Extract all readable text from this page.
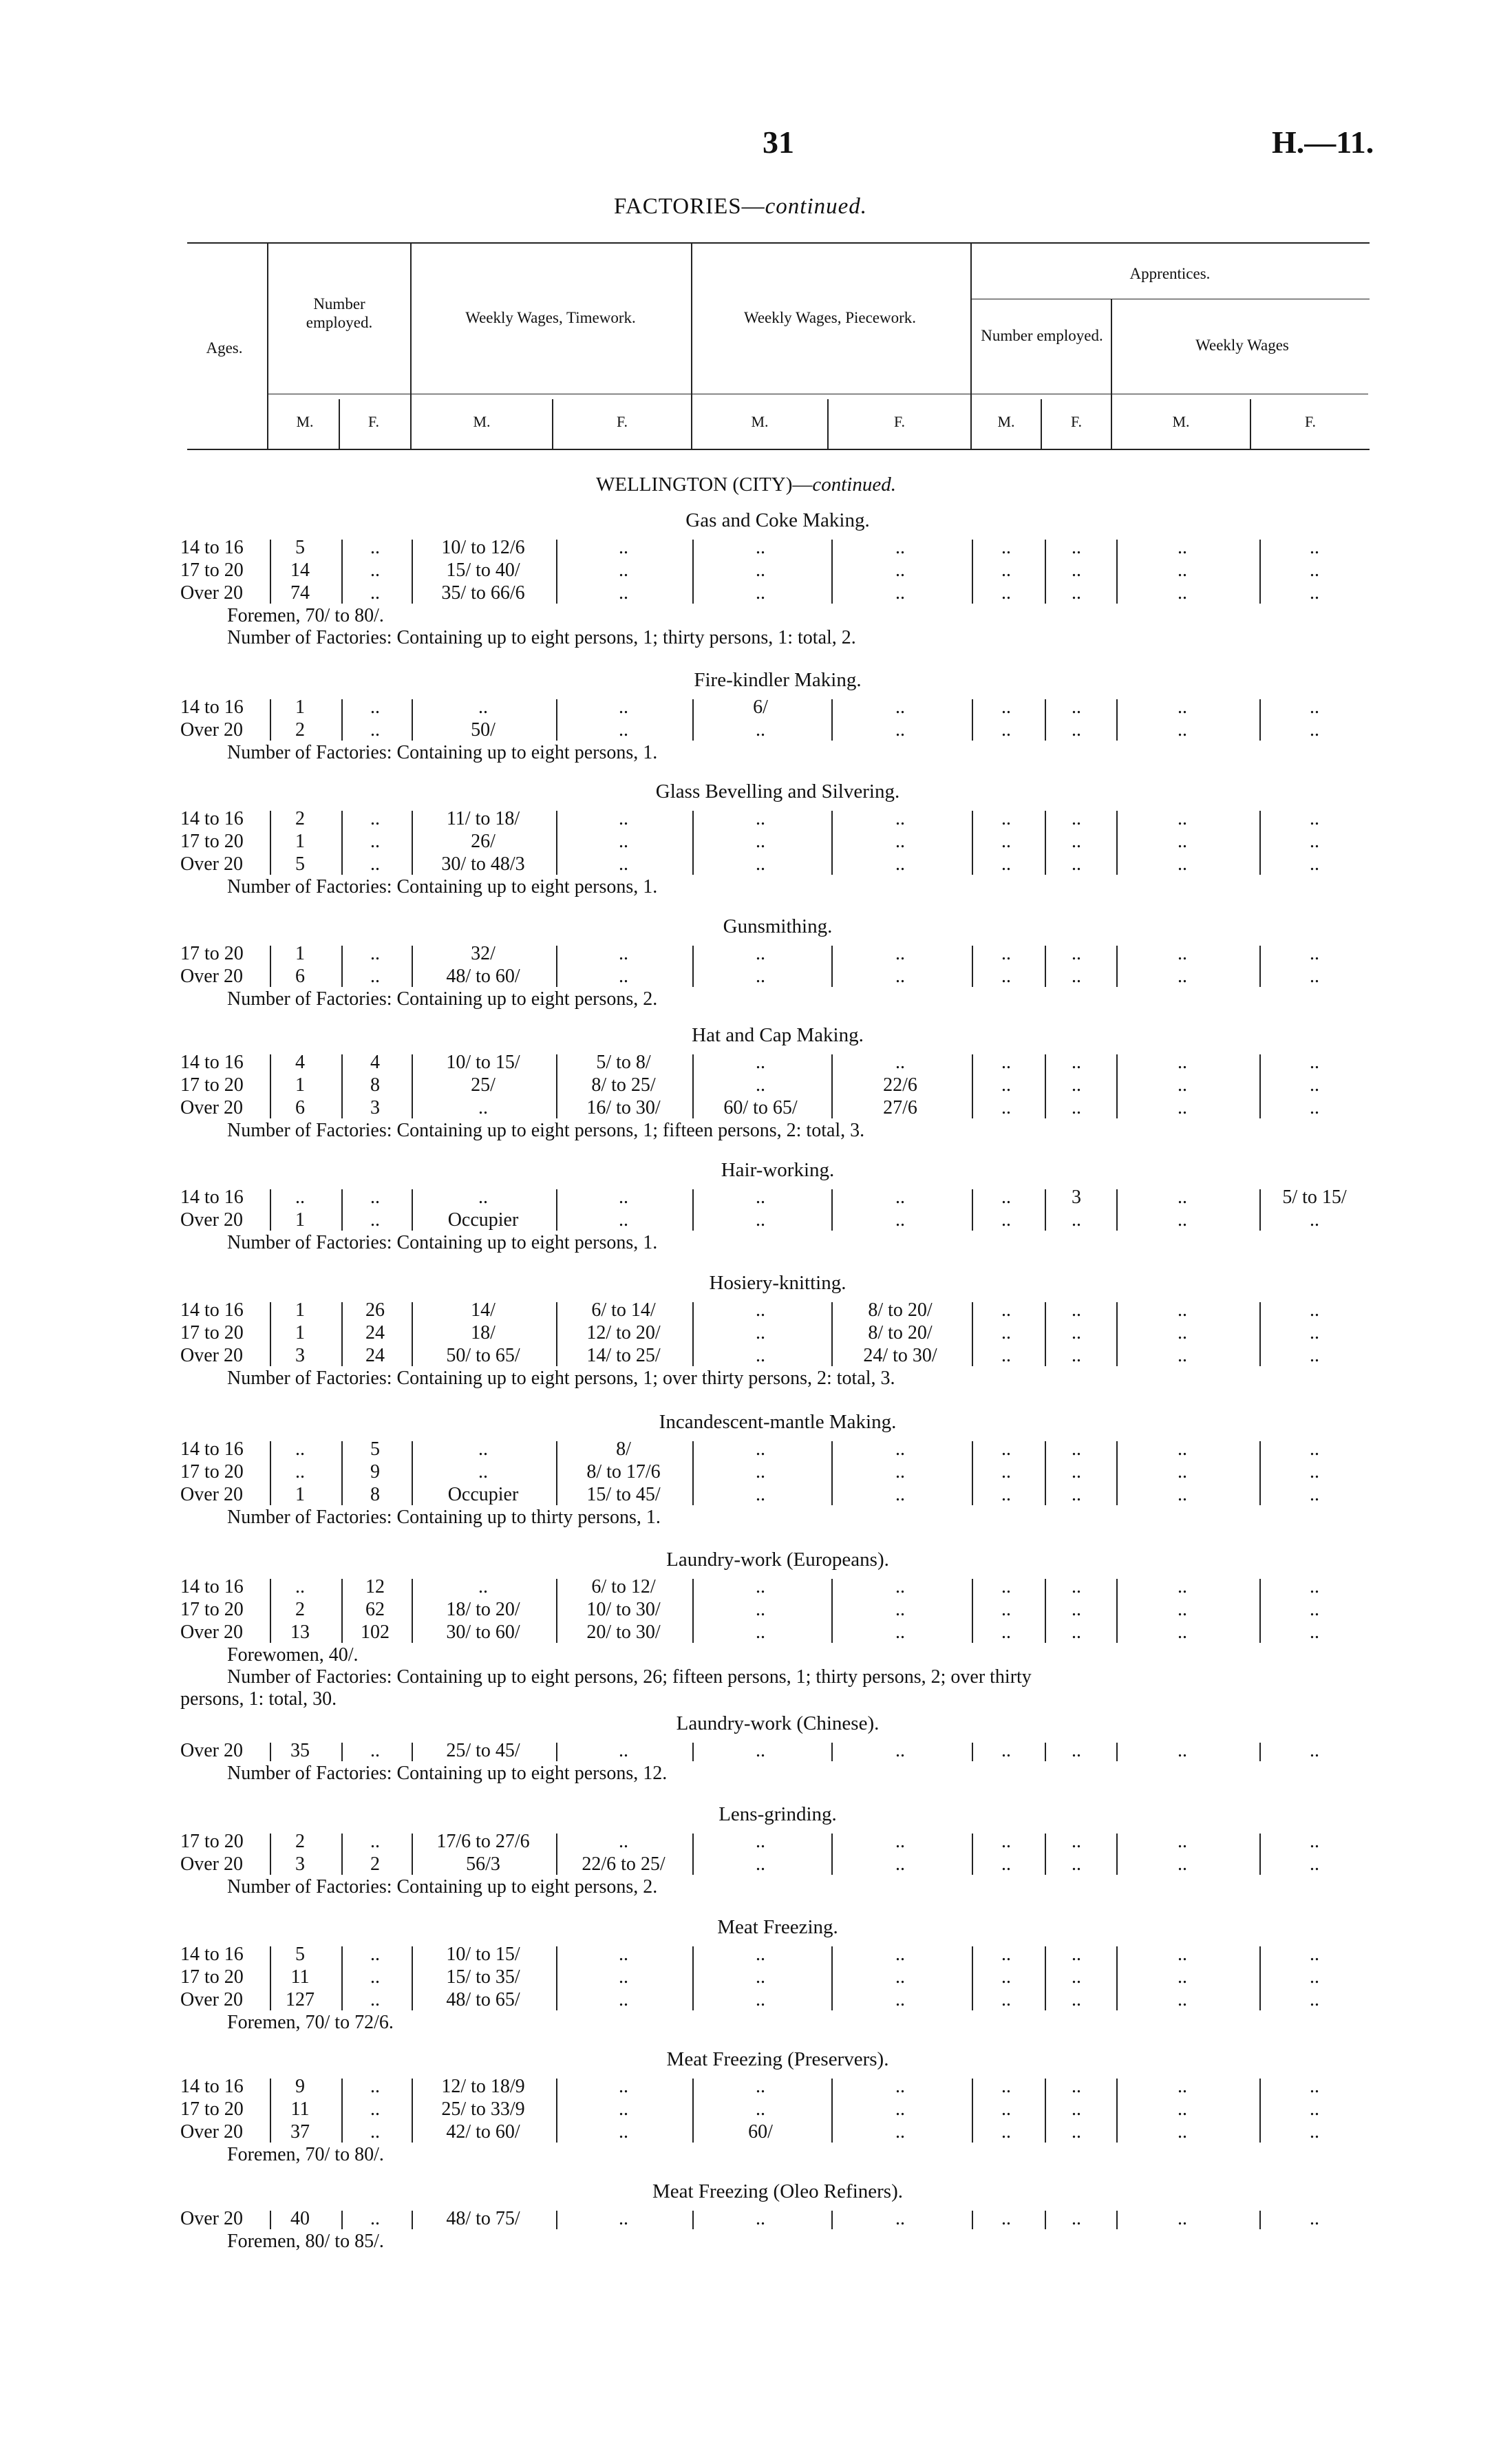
31	H.—11.
FACTORIES—continued.
Ages.
Number employed.	Weekly Wages, Timework.	Weekly Wages, Piecework.
Apprentices.
Number employed.
Weekly Wages
M.	F.	M.	F.	M.	F.	M.	F.	M.	F.
WELLINGTON (CITY)—continued.
Gas and Coke Making.
14 to 16	5	..	10/ to 12/6	..	..	..	..	..	..	..
17 to 20	14	..	15/ to 40/	..	..	..	..	..	..	..
Over 20	74	..	35/ to 66/6	..	..	..	..	..	..	..
Foremen, 70/ to 80/.
Number of Factories: Containing up to eight persons, 1; thirty persons, 1: total, 2.
Fire-kindler Making.
14 to 16	1	..	..	..	6/	..	..	..	..	..
Over 20	2	..	50/	..	..	..	..	..	..	..
Number of Factories: Containing up to eight persons, 1.
Glass Bevelling and Silvering.
14 to 16	2	..	11/ to 18/	..	..	..	..	..	..	..
17 to 20	1	..	26/	..	..	..	..	..	..	..
Over 20	5	..	30/ to 48/3	..	..	..	..	..	..	..
Number of Factories: Containing up to eight persons, 1.
Gunsmithing.
17 to 20	1	..	32/	..	..	..	..	..	..	..
Over 20	6	..	48/ to 60/	..	..	..	..	..	..	..
Number of Factories: Containing up to eight persons, 2.
Hat and Cap Making.
14 to 16	4	4	10/ to 15/	5/ to 8/	..	..	..	..	..	..
17 to 20	1	8	25/	8/ to 25/	..	22/6	..	..	..	..
Over 20	6	3	..	16/ to 30/	60/ to 65/	27/6	..	..	..	..
Number of Factories: Containing up to eight persons, 1; fifteen persons, 2: total, 3.
Hair-working.
14 to 16	..	..	..	..	..	..	..	3	..	5/ to 15/
Over 20	1	..	Occupier	..	..	..	..	..	..	..
Number of Factories: Containing up to eight persons, 1.
Hosiery-knitting.
14 to 16	1	26	14/	6/ to 14/	..	8/ to 20/	..	..	..	..
17 to 20	1	24	18/	12/ to 20/	..	8/ to 20/	..	..	..	..
Over 20	3	24	50/ to 65/	14/ to 25/	..	24/ to 30/	..	..	..	..
Number of Factories: Containing up to eight persons, 1; over thirty persons, 2: total, 3.
Incandescent-mantle Making.
14 to 16	..	5	..	8/	..	..	..	..	..	..
17 to 20	..	9	..	8/ to 17/6	..	..	..	..	..	..
Over 20	1	8	Occupier	15/ to 45/	..	..	..	..	..	..
Number of Factories: Containing up to thirty persons, 1.
Laundry-work (Europeans).
14 to 16	..	12	..	6/ to 12/	..	..	..	..	..	..
17 to 20	2	62	18/ to 20/	10/ to 30/	..	..	..	..	..	..
Over 20	13	102	30/ to 60/	20/ to 30/	..	..	..	..	..	..
Forewomen, 40/.
Number of Factories: Containing up to eight persons, 26; fifteen persons, 1; thirty persons, 2; over thirty
persons, 1: total, 30.
Laundry-work (Chinese).
Over 20	35	..	25/ to 45/	..	..	..	..	..	..	..
Number of Factories: Containing up to eight persons, 12.
Lens-grinding.
17 to 20	2	..	17/6 to 27/6	..	..	..	..	..	..	..
Over 20	3	2	56/3	22/6 to 25/	..	..	..	..	..	..
Number of Factories: Containing up to eight persons, 2.
Meat Freezing.
14 to 16	5	..	10/ to 15/	..	..	..	..	..	..	..
17 to 20	11	..	15/ to 35/	..	..	..	..	..	..	..
Over 20	127	..	48/ to 65/	..	..	..	..	..	..	..
Foremen, 70/ to 72/6.
Meat Freezing (Preservers).
14 to 16	9	..	12/ to 18/9	..	..	..	..	..	..	..
17 to 20	11	..	25/ to 33/9	..	..	..	..	..	..	..
Over 20	37	..	42/ to 60/	..	60/	..	..	..	..	..
Foremen, 70/ to 80/.
Meat Freezing (Oleo Refiners).
Over 20	40	..	48/ to 75/	..	..	..	..	..	..	..
Foremen, 80/ to 85/.
